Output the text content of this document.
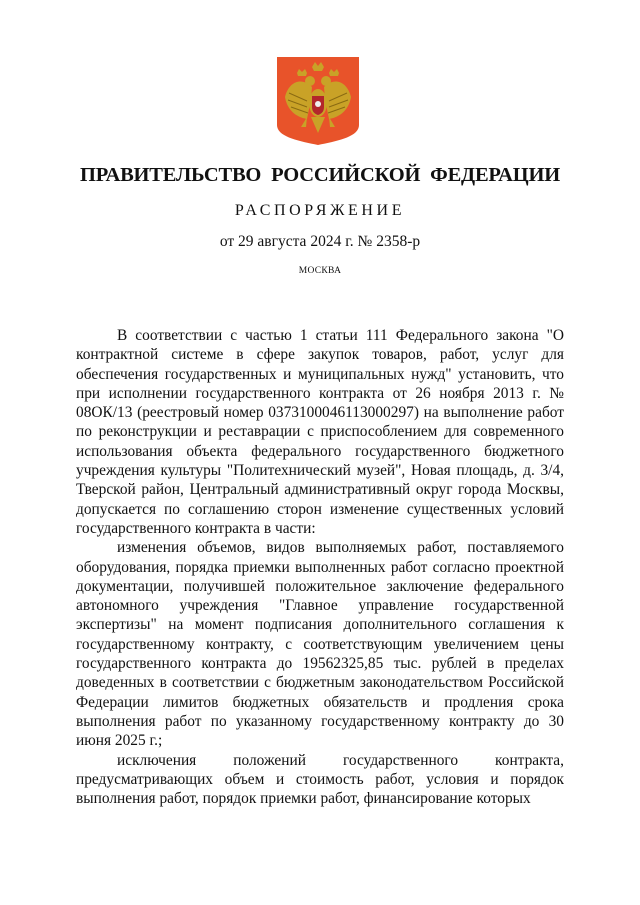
ПРАВИТЕЛЬСТВО РОССИЙСКОЙ ФЕДЕРАЦИИ
РАСПОРЯЖЕНИЕ
от 29 августа 2024 г. № 2358-р
МОСКВА

В соответствии с частью 1 статьи 111 Федерального закона "О контрактной системе в сфере закупок товаров, работ, услуг для обеспечения государственных и муниципальных нужд" установить, что при исполнении государственного контракта от 26 ноября 2013 г. № 08ОК/13 (реестровый номер 0373100046113000297) на выполнение работ по реконструкции и реставрации с приспособлением для современного использования объекта федерального государственного бюджетного учреждения культуры "Политехнический музей", Новая площадь, д. 3/4, Тверской район, Центральный административный округ города Москвы, допускается по соглашению сторон изменение существенных условий государственного контракта в части:

изменения объемов, видов выполняемых работ, поставляемого оборудования, порядка приемки выполненных работ согласно проектной документации, получившей положительное заключение федерального автономного учреждения "Главное управление государственной экспертизы" на момент подписания дополнительного соглашения к государственному контракту, с соответствующим увеличением цены государственного контракта до 19562325,85 тыс. рублей в пределах доведенных в соответствии с бюджетным законодательством Российской Федерации лимитов бюджетных обязательств и продления срока выполнения работ по указанному государственному контракту до 30 июня 2025 г.;

исключения положений государственного контракта, предусматривающих объем и стоимость работ, условия и порядок выполнения работ, порядок приемки работ, финансирование которых
